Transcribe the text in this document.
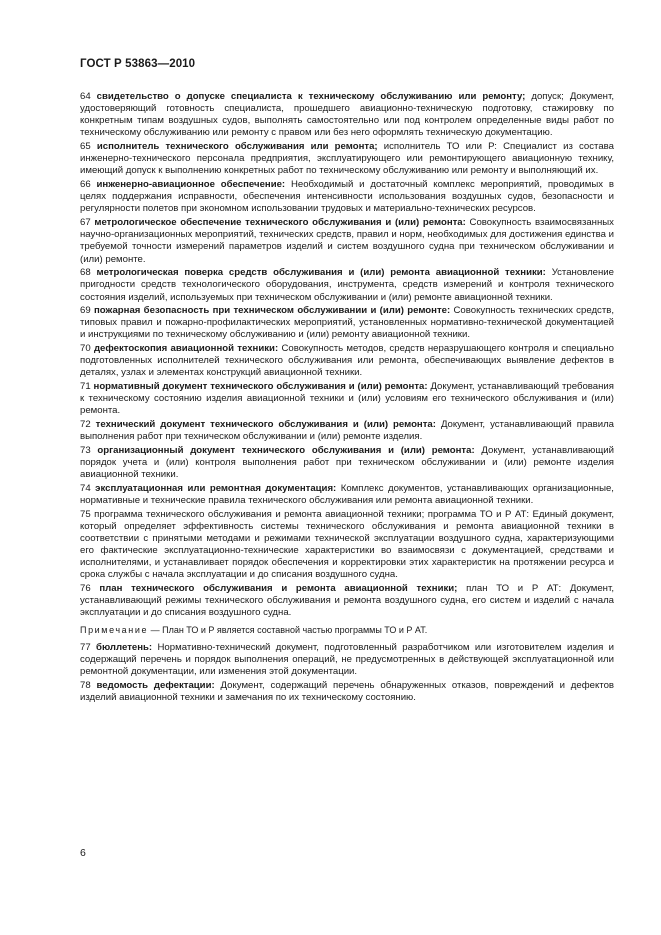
ГОСТ Р 53863—2010

64 свидетельство о допуске специалиста к техническому обслуживанию или ремонту; допуск; Документ, удостоверяющий готовность специалиста, прошедшего авиационно-техническую подготовку, стажировку по конкретным типам воздушных судов, выполнять самостоятельно или под контролем определенные виды работ по техническому обслуживанию или ремонту с правом или без него оформлять техническую документацию.

65 исполнитель технического обслуживания или ремонта; исполнитель ТО или Р: Специалист из состава инженерно-технического персонала предприятия, эксплуатирующего или ремонтирующего авиационную технику, имеющий допуск к выполнению конкретных работ по техническому обслуживанию или ремонту и выполняющий их.

66 инженерно-авиационное обеспечение: Необходимый и достаточный комплекс мероприятий, проводимых в целях поддержания исправности, обеспечения интенсивности использования воздушных судов, безопасности и регулярности полетов при экономном использовании трудовых и материально-технических ресурсов.

67 метрологическое обеспечение технического обслуживания и (или) ремонта: Совокупность взаимосвязанных научно-организационных мероприятий, технических средств, правил и норм, необходимых для достижения единства и требуемой точности измерений параметров изделий и систем воздушного судна при техническом обслуживании и (или) ремонте.

68 метрологическая поверка средств обслуживания и (или) ремонта авиационной техники: Установление пригодности средств технологического оборудования, инструмента, средств измерений и контроля технического состояния изделий, используемых при техническом обслуживании и (или) ремонте авиационной техники.

69 пожарная безопасность при техническом обслуживании и (или) ремонте: Совокупность технических средств, типовых правил и пожарно-профилактических мероприятий, установленных нормативно-технической документацией и инструкциями по техническому обслуживанию и (или) ремонту авиационной техники.

70 дефектоскопия авиационной техники: Совокупность методов, средств неразрушающего контроля и специально подготовленных исполнителей технического обслуживания или ремонта, обеспечивающих выявление дефектов в деталях, узлах и элементах конструкций авиационной техники.

71 нормативный документ технического обслуживания и (или) ремонта: Документ, устанавливающий требования к техническому состоянию изделия авиационной техники и (или) условиям его технического обслуживания и (или) ремонта.

72 технический документ технического обслуживания и (или) ремонта: Документ, устанавливающий правила выполнения работ при техническом обслуживании и (или) ремонте изделия.

73 организационный документ технического обслуживания и (или) ремонта: Документ, устанавливающий порядок учета и (или) контроля выполнения работ при техническом обслуживании и (или) ремонте изделия авиационной техники.

74 эксплуатационная или ремонтная документация: Комплекс документов, устанавливающих организационные, нормативные и технические правила технического обслуживания или ремонта авиационной техники.

75 программа технического обслуживания и ремонта авиационной техники; программа ТО и Р АТ: Единый документ, который определяет эффективность системы технического обслуживания и ремонта авиационной техники в соответствии с принятыми методами и режимами технической эксплуатации воздушного судна, характеризующими его фактические эксплуатационно-технические характеристики во взаимосвязи с документацией, средствами и исполнителями, и устанавливает порядок обеспечения и корректировки этих характеристик на протяжении ресурса и срока службы с начала эксплуатации и до списания воздушного судна.

76 план технического обслуживания и ремонта авиационной техники; план ТО и Р АТ: Документ, устанавливающий режимы технического обслуживания и ремонта воздушного судна, его систем и изделий с начала эксплуатации и до списания воздушного судна.

Примечание — План ТО и Р является составной частью программы ТО и Р АТ.

77 бюллетень: Нормативно-технический документ, подготовленный разработчиком или изготовителем изделия и содержащий перечень и порядок выполнения операций, не предусмотренных в действующей эксплуатационной или ремонтной документации, или изменения этой документации.

78 ведомость дефектации: Документ, содержащий перечень обнаруженных отказов, повреждений и дефектов изделий авиационной техники и замечания по их техническому состоянию.

6
